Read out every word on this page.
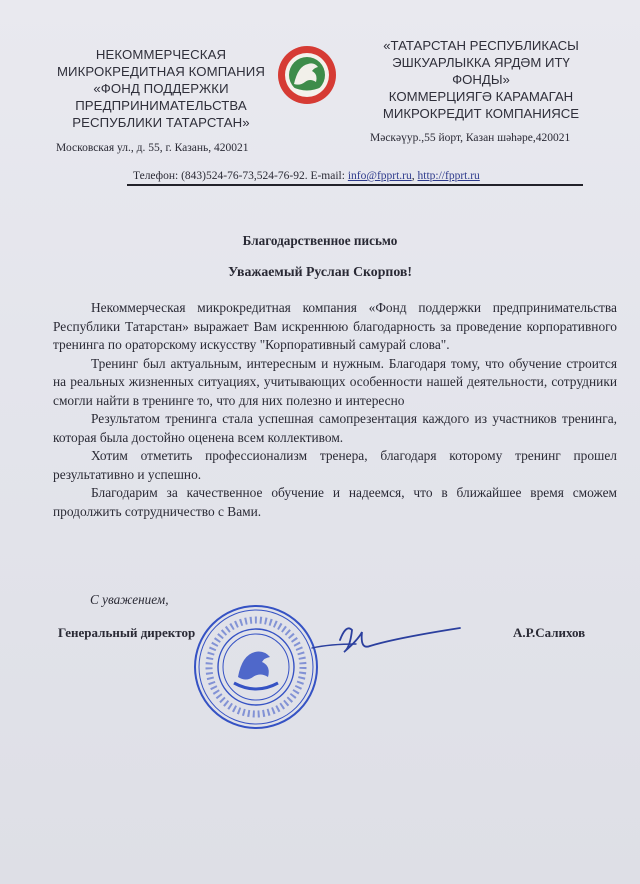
НЕКОММЕРЧЕСКАЯ
МИКРОКРЕДИТНАЯ КОМПАНИЯ
«ФОНД ПОДДЕРЖКИ
ПРЕДПРИНИМАТЕЛЬСТВА
РЕСПУБЛИКИ ТАТАРСТАН»
«ТАТАРСТАН РЕСПУБЛИКАСЫ
ЭШКУАРЛЫККА ЯРДӘМ ИТҮ
ФОНДЫ»
КОММЕРЦИЯГӘ КАРАМАГАН
МИКРОКРЕДИТ КОМПАНИЯСЕ
Московская ул., д. 55, г. Казань, 420021
Мәскәүур.,55 йорт, Казан шәһәре,420021
Телефон: (843)524-76-73,524-76-92. E-mail: info@fpprt.ru, http://fpprt.ru
Благодарственное письмо
Уважаемый Руслан Скорпов!

Некоммерческая микрокредитная компания «Фонд поддержки предпринимательства Республики Татарстан» выражает Вам искреннюю благодарность за проведение корпоративного тренинга по ораторскому искусству "Корпоративный самурай слова".

Тренинг был актуальным, интересным и нужным. Благодаря тому, что обучение строится на реальных жизненных ситуациях, учитывающих особенности нашей деятельности, сотрудники смогли найти в тренинге то, что для них полезно и интересно

Результатом тренинга стала успешная самопрезентация каждого из участников тренинга, которая была достойно оценена всем коллективом.

Хотим отметить профессионализм тренера, благодаря которому тренинг прошел результативно и успешно.

Благодарим за качественное обучение и надеемся, что в ближайшее время сможем продолжить сотрудничество с Вами.

С уважением,
Генеральный директор	А.Р.Салихов
